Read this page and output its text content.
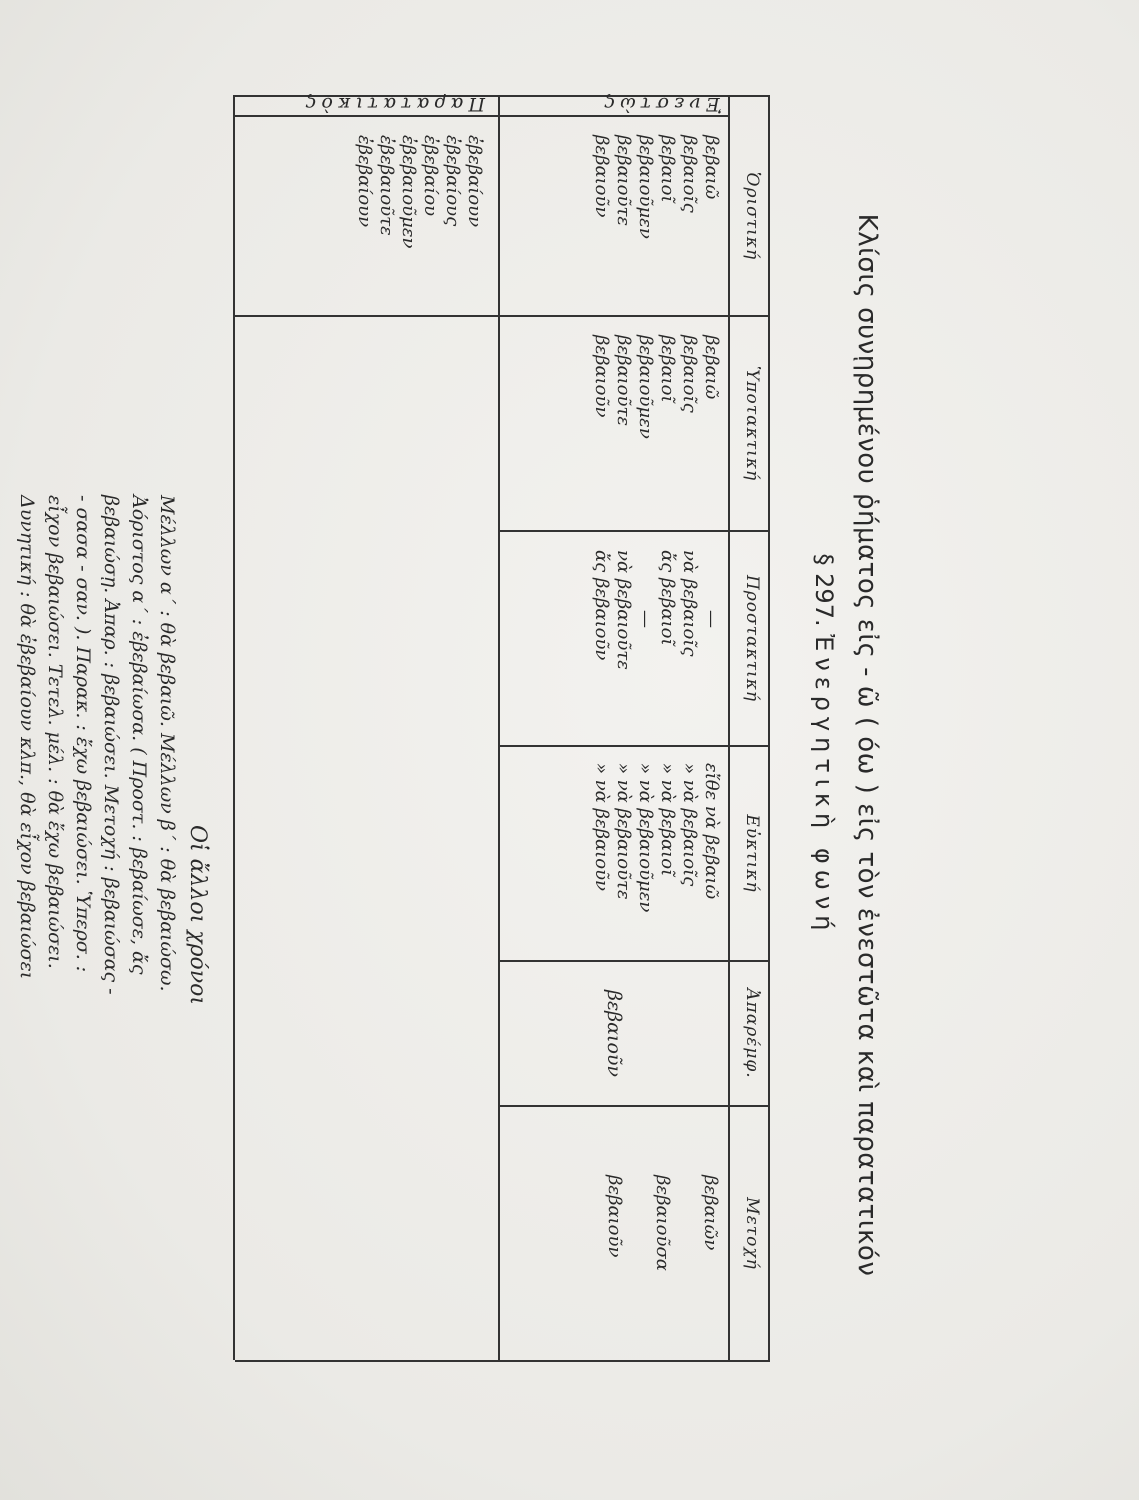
Κλίσις συνῃρημένου ῥήματος εἰς - ῶ ( όω ) εἰς τὸν ἐνεστῶτα καὶ παρατατικόν
§ 297. Ἐνεργητικὴ φωνή
Ὁριστική
Ὑποτακτική
Προστακτική
Εὐκτική
Ἀπαρέμφ.
Μετοχή
Ἐνεστὼς
Παρατατικὸς
βεβαιῶ
βεβαιοῖς
βεβαιοῖ
βεβαιοῦμεν
βεβαιοῦτε
βεβαιοῦν
βεβαιῶ
βεβαιοῖς
βεβαιοῖ
βεβαιοῦμεν
βεβαιοῦτε
βεβαιοῦν
—
νὰ βεβαιοῖς
ἄς βεβαιοῖ
—
νὰ βεβαιοῦτε
ἄς βεβαιοῦν
εἴθε νὰ βεβαιῶ
» νὰ βεβαιοῖς
» νὰ βεβαιοῖ
» νὰ βεβαιοῦμεν
» νὰ βεβαιοῦτε
» νὰ βεβαιοῦν
βεβαιοῦν
βεβαιῶν
βεβαιοῦσα
βεβαιοῦν
ἐβεβαίουν
ἐβεβαίους
ἐβεβαίου
ἐβεβαιοῦμεν
ἐβεβαιοῦτε
ἐβεβαίουν
Οἱ ἄλλοι χρόνοι
Μέλλων α΄ : θὰ βεβαιῶ. Μέλλων β΄ : θὰ βεβαιώσω.
Ἀόριστος α΄ : ἐβεβαίωσα. ( Προστ. : βεβαίωσε, ἄς
βεβαιώσῃ. Ἀπαρ. : βεβαιώσει. Μετοχή : βεβαιώσας -
- σασα - σαν. ). Παρακ. : ἔχω βεβαιώσει. Ὑπερσ. :
εἶχον βεβαιώσει. Τετελ. μέλ. : θὰ ἔχω βεβαιώσει.
Δυνητική : θὰ ἐβεβαίουν κλπ., θὰ εἶχον βεβαιώσει
